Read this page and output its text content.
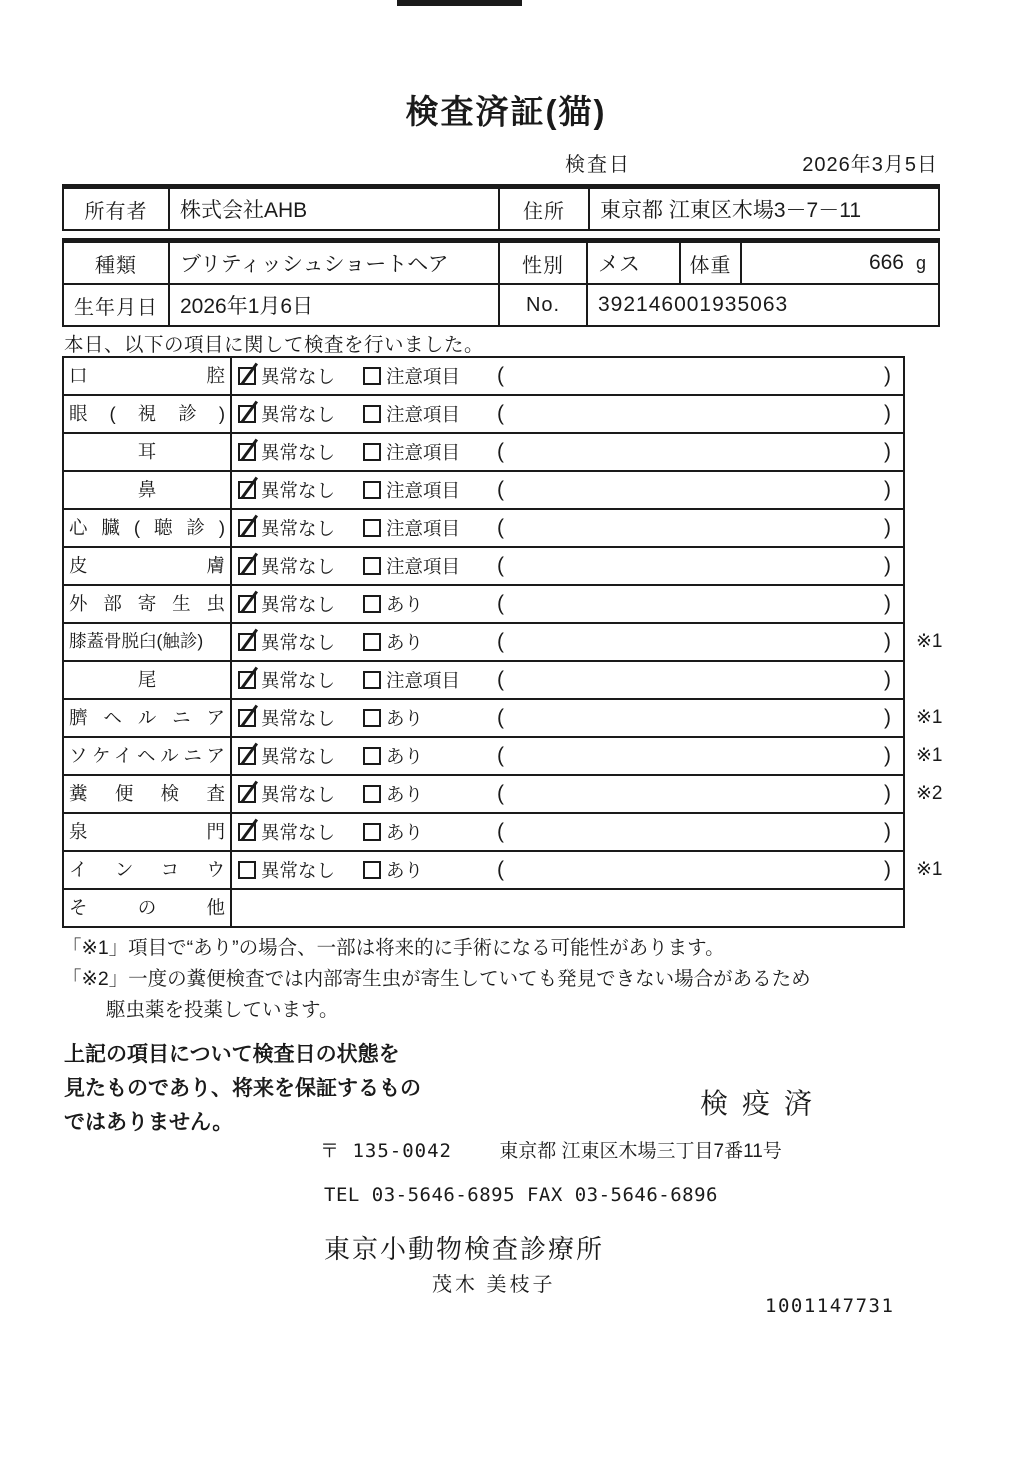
検査済証(猫)
検査日	2026年3月5日
所有者	株式会社AHB	住所	東京都 江東区木場3－7－11
種類	ブリティッシュショートヘア	性別	メス	体重	666 g
生年月日	2026年1月6日	No.	392146001935063
本日、以下の項目に関して検査を行いました。
口腔	異常なし	注意項目 (	)
眼(視診)	異常なし	注意項目 (	)
耳	異常なし	注意項目 (	)
鼻	異常なし	注意項目 (	)
心臓(聴診)	異常なし	注意項目 (	)
皮膚	異常なし	注意項目 (	)
外部寄生虫	異常なし	あり	(	)
膝蓋骨脱臼(触診)	異常なし	あり	(	)	※1
尾	異常なし	注意項目 (	)
臍ヘルニア	異常なし	あり	(	)	※1
ソケイヘルニア	異常なし	あり	(	)	※1
糞便検査	異常なし	あり	(	)	※2
泉門	異常なし	あり	(	)
インコウ	異常なし	あり	(	)	※1
その他
「※1」項目で“あり”の場合、一部は将来的に手術になる可能性があります。
「※2」一度の糞便検査では内部寄生虫が寄生していても発見できない場合があるため
駆虫薬を投薬しています。
上記の項目について検査日の状態を
見たものであり、将来を保証するもの
ではありません。
検疫済
〒 135-0042 東京都 江東区木場三丁目7番11号
TEL 03-5646-6895 FAX 03-5646-6896
東京小動物検査診療所
茂木 美枝子
1001147731
